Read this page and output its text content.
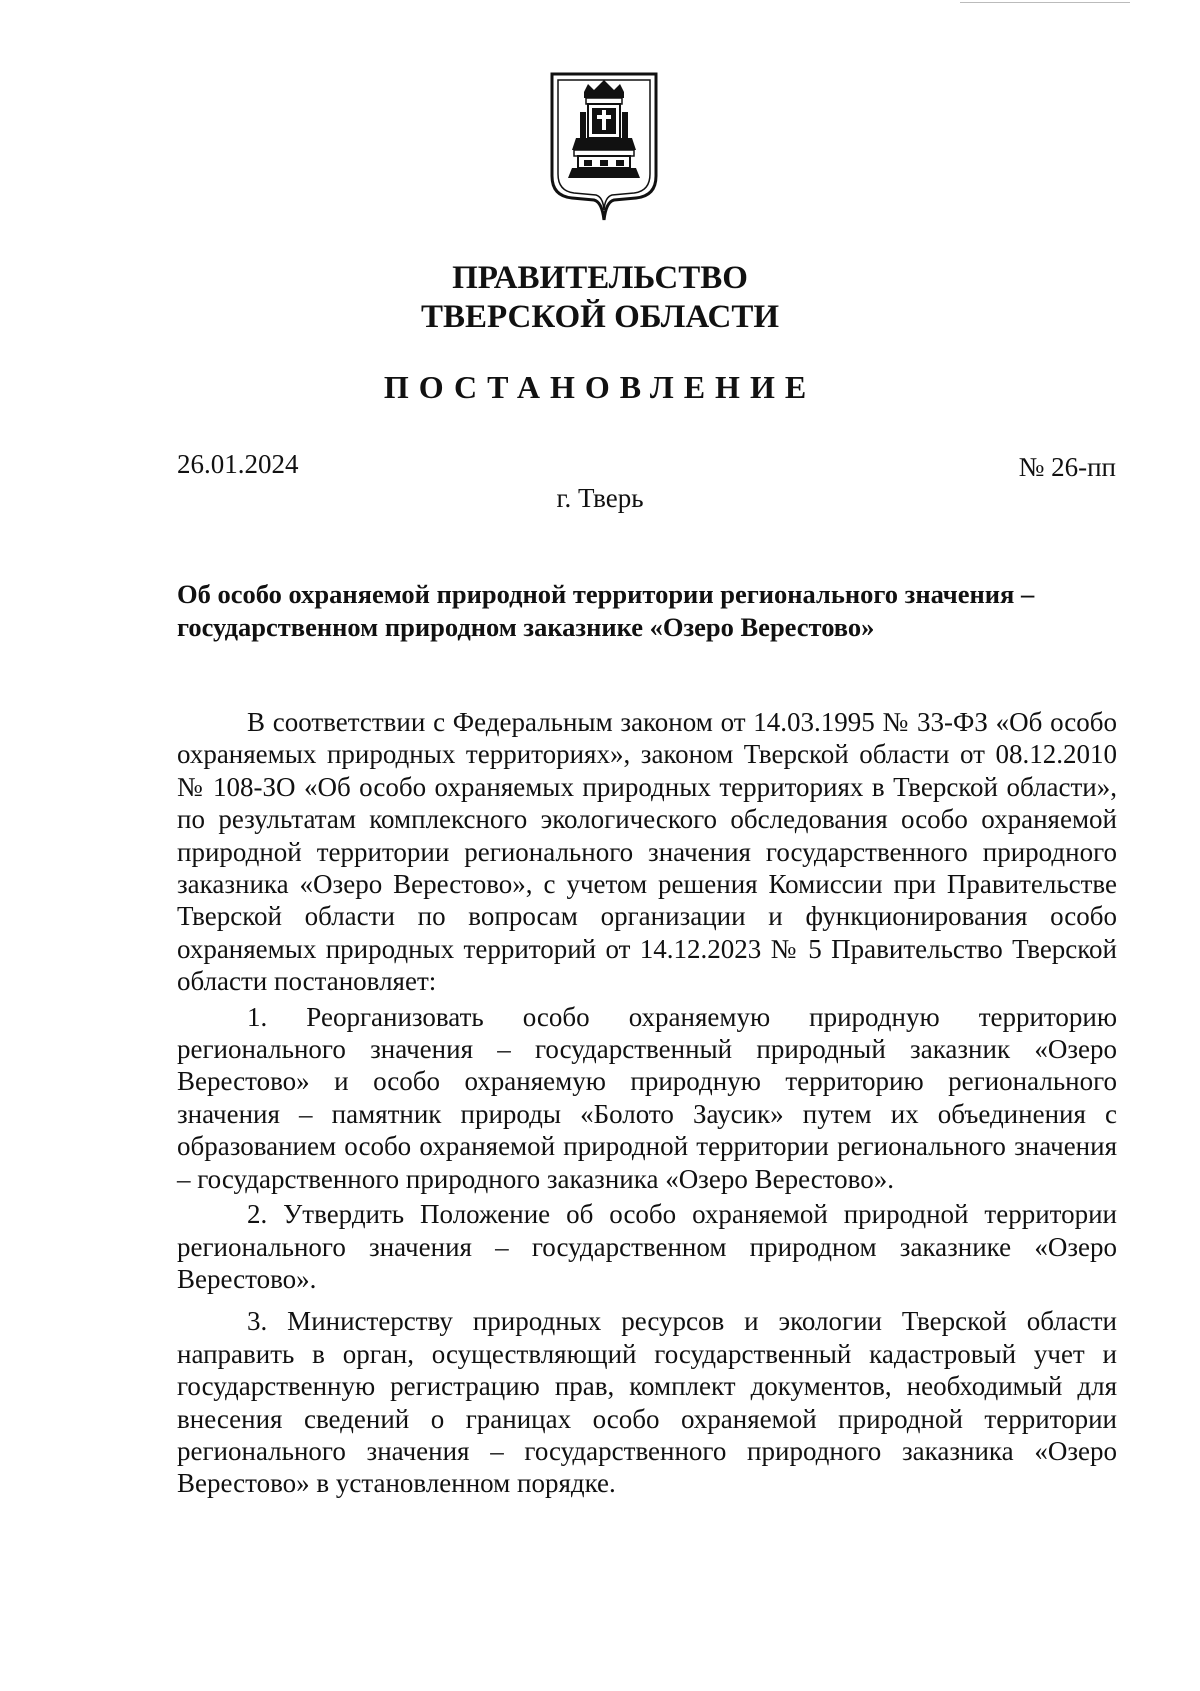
ПРАВИТЕЛЬСТВО
ТВЕРСКОЙ ОБЛАСТИ
ПОСТАНОВЛЕНИЕ
26.01.2024	№ 26-пп
г. Тверь
Об особо охраняемой природной территории регионального значения –
государственном природном заказнике «Озеро Верестово»

В соответствии с Федеральным законом от 14.03.1995 № 33-ФЗ «Об особо охраняемых природных территориях», законом Тверской области от 08.12.2010 № 108-ЗО «Об особо охраняемых природных территориях в Тверской области», по результатам комплексного экологического обследования особо охраняемой природной территории регионального значения государственного природного заказника «Озеро Верестово», с учетом решения Комиссии при Правительстве Тверской области по вопросам организации и функционирования особо охраняемых природных территорий от 14.12.2023 № 5 Правительство Тверской области постановляет:

1. Реорганизовать особо охраняемую природную территорию регионального значения – государственный природный заказник «Озеро Верестово» и особо охраняемую природную территорию регионального значения – памятник природы «Болото Заусик» путем их объединения с образованием особо охраняемой природной территории регионального значения – государственного природного заказника «Озеро Верестово».

2. Утвердить Положение об особо охраняемой природной территории регионального значения – государственном природном заказнике «Озеро Верестово».

3. Министерству природных ресурсов и экологии Тверской области направить в орган, осуществляющий государственный кадастровый учет и государственную регистрацию прав, комплект документов, необходимый для внесения сведений о границах особо охраняемой природной территории регионального значения – государственного природного заказника «Озеро Верестово» в установленном порядке.
